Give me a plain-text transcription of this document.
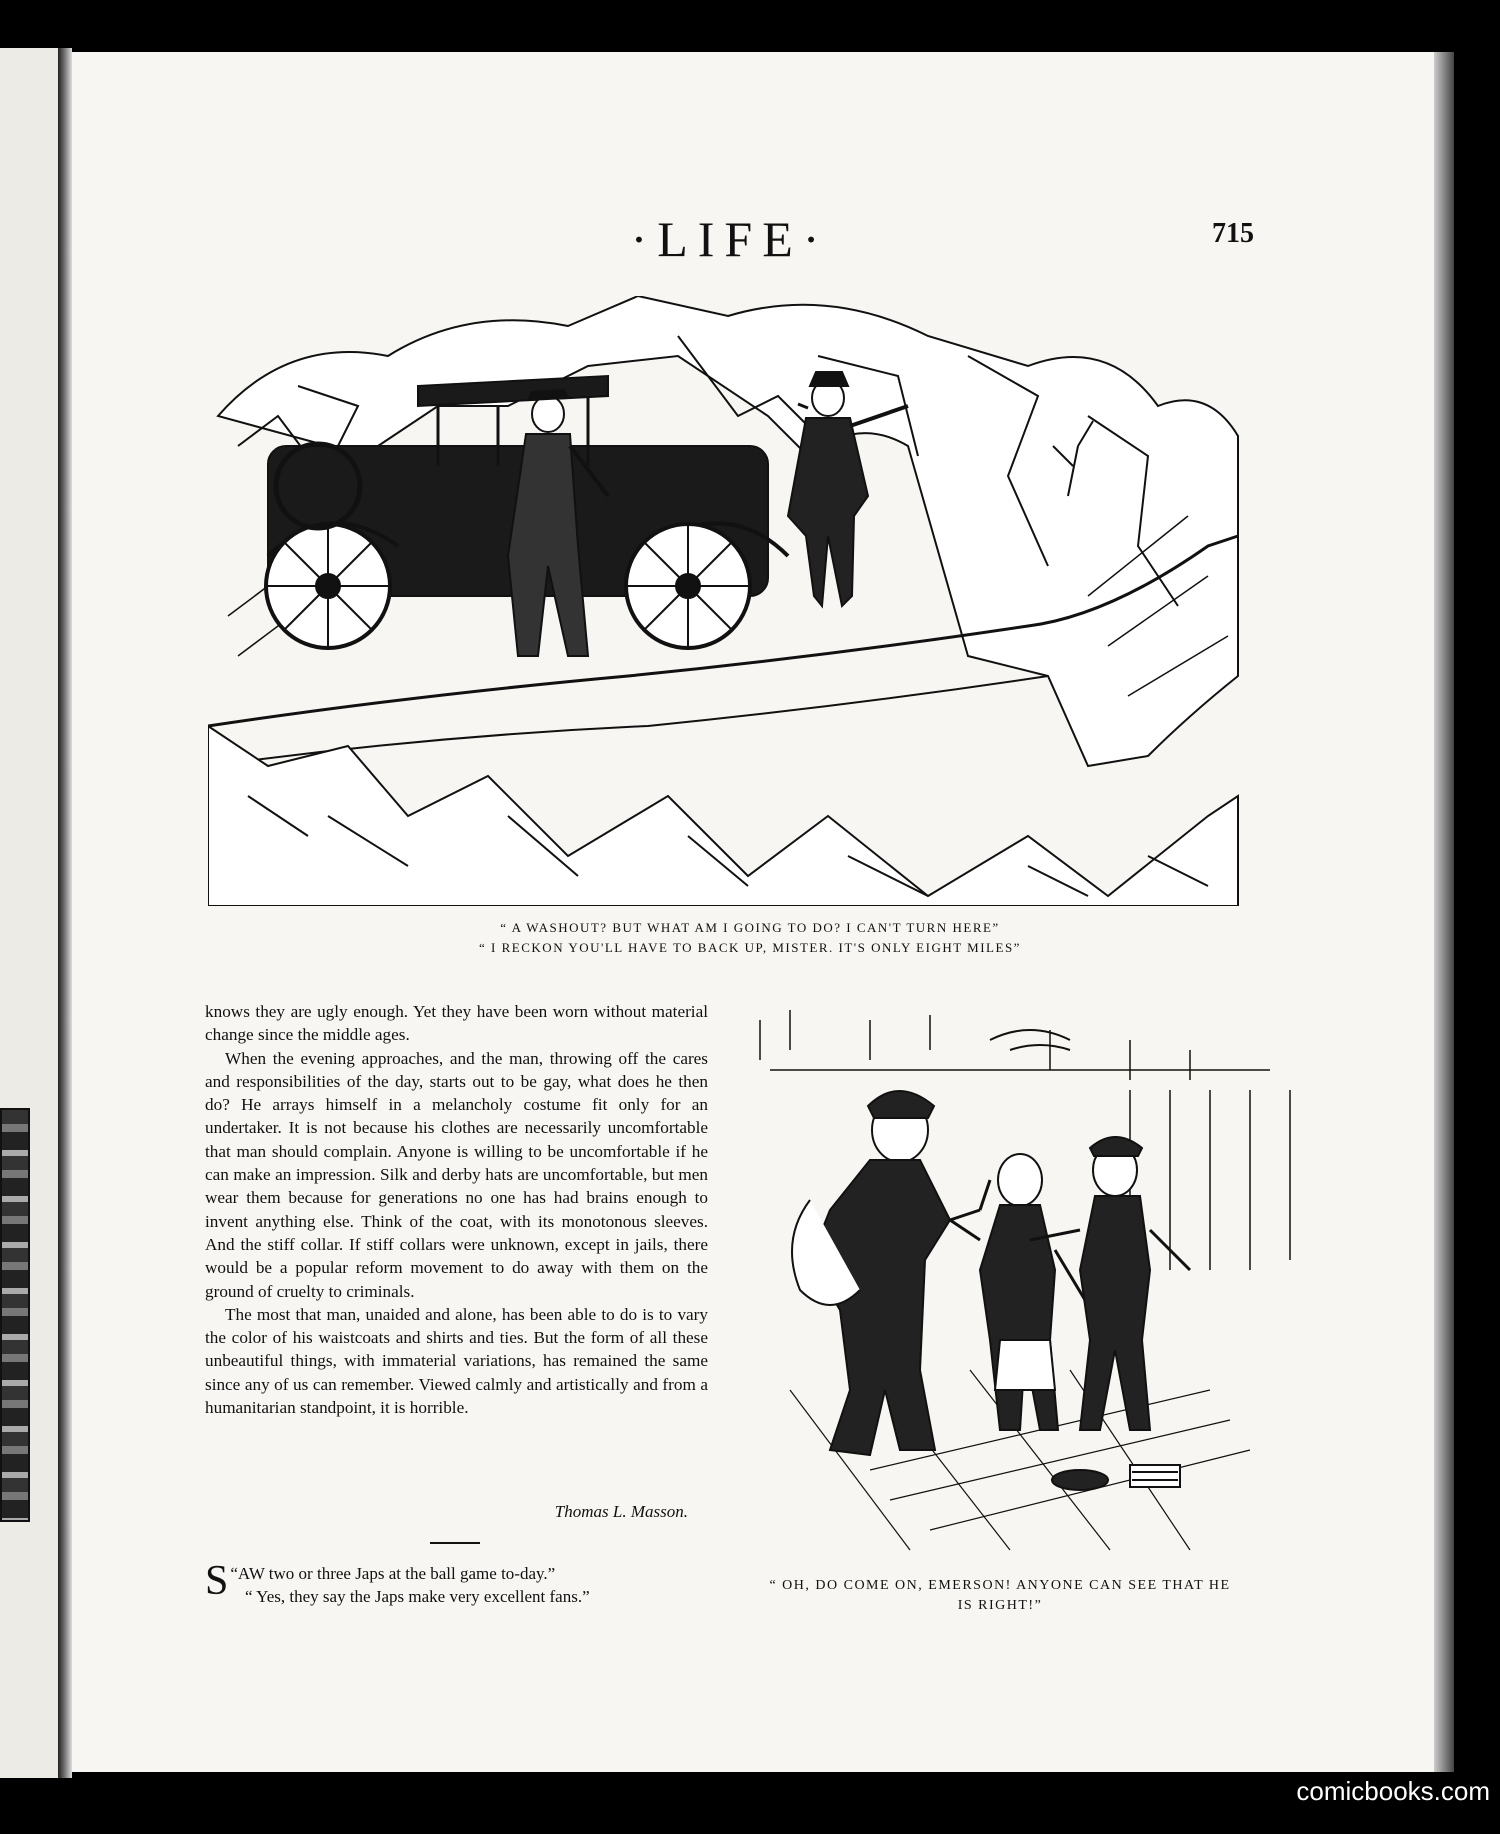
·LIFE·	715
“ A WASHOUT? BUT WHAT AM I GOING TO DO? I CAN'T TURN HERE”
“ I RECKON YOU'LL HAVE TO BACK UP, MISTER. IT'S ONLY EIGHT MILES”

knows they are ugly enough. Yet they have been worn without material change since the middle ages.

When the evening approaches, and the man, throwing off the cares and responsibilities of the day, starts out to be gay, what does he then do? He arrays himself in a melancholy costume fit only for an undertaker. It is not because his clothes are necessarily uncomfortable that man should complain. Anyone is willing to be uncomfortable if he can make an impression. Silk and derby hats are uncomfortable, but men wear them because for generations no one has had brains enough to invent anything else. Think of the coat, with its monotonous sleeves. And the stiff collar. If stiff collars were unknown, except in jails, there would be a popular reform movement to do away with them on the ground of cruelty to criminals.

The most that man, unaided and alone, has been able to do is to vary the color of his waistcoats and shirts and ties. But the form of all these unbeautiful things, with immaterial variations, has remained the same since any of us can remember. Viewed calmly and artistically and from a humanitarian standpoint, it is horrible.

Thomas L. Masson.

“
S AW two or three Japs at the ball game to-day.”

“ Yes, they say the Japs make very excellent fans.”

“ OH, DO COME ON, EMERSON! ANYONE CAN SEE THAT HE IS RIGHT!”
comicbooks.com
